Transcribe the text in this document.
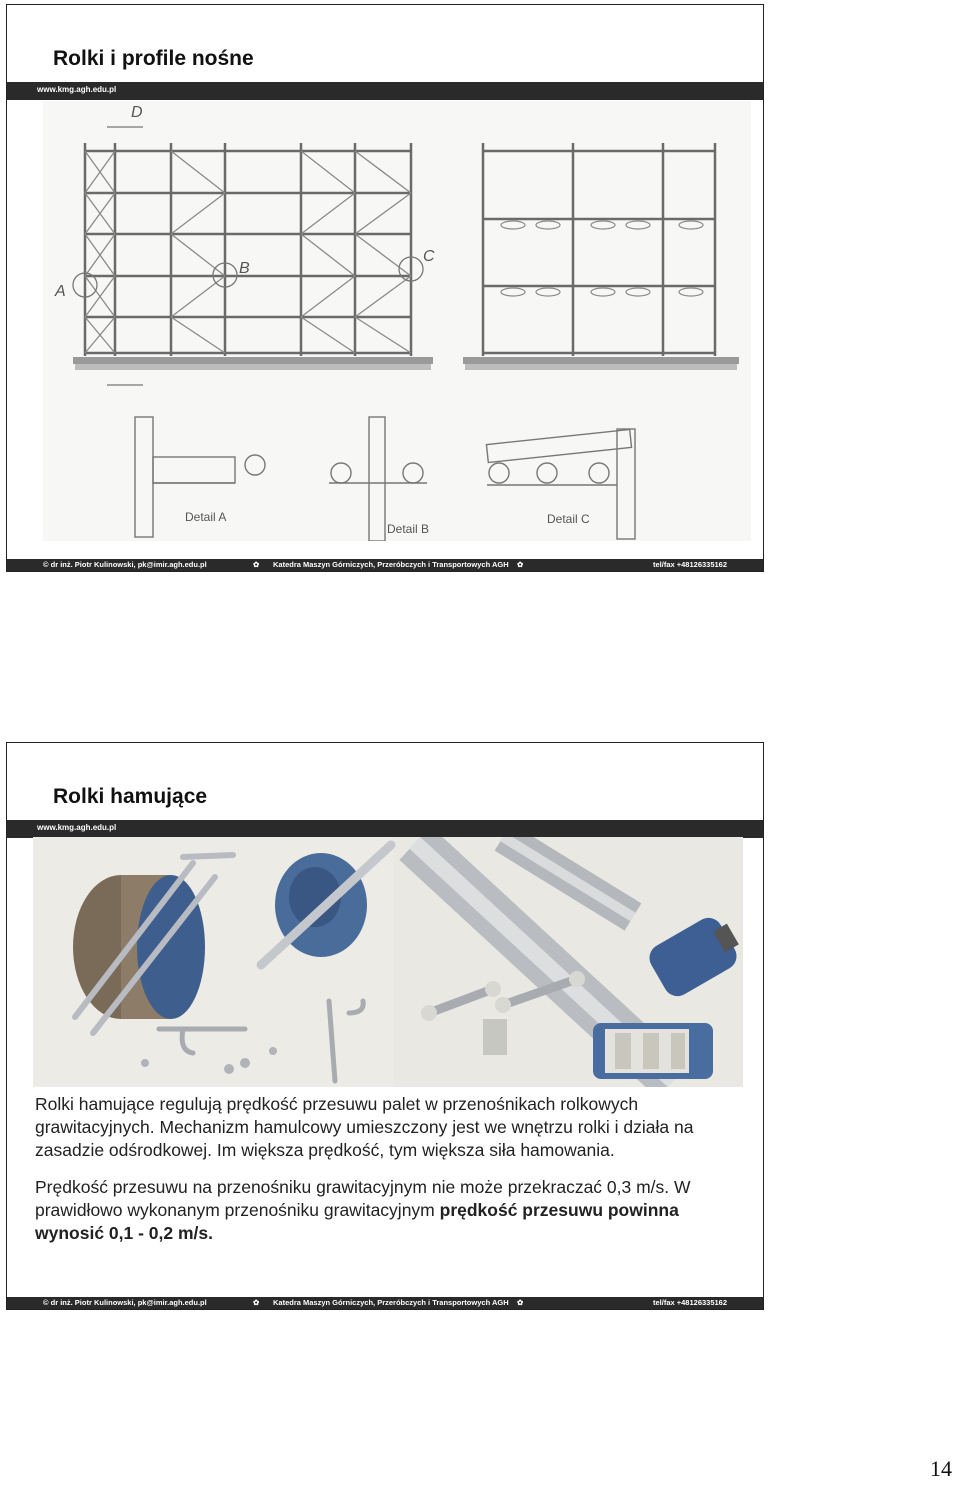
Rolki i profile nośne
www.kmg.agh.edu.pl
D
A
B
C
Detail A
Detail B
Detail C
© dr inż. Piotr Kulinowski, pk@imir.agh.edu.pl	✿ Katedra Maszyn Górniczych, Przeróbczych i Transportowych AGH ✿	tel/fax +48126335162
Rolki hamujące
www.kmg.agh.edu.pl

Rolki hamujące regulują prędkość przesuwu palet w przenośnikach rolkowych grawitacyjnych. Mechanizm hamulcowy umieszczony jest we wnętrzu rolki i działa na zasadzie odśrodkowej. Im większa prędkość, tym większa siła hamowania.

Prędkość przesuwu na przenośniku grawitacyjnym nie może przekraczać 0,3 m/s. W prawidłowo wykonanym przenośniku grawitacyjnym prędkość przesuwu powinna wynosić 0,1 - 0,2 m/s.

© dr inż. Piotr Kulinowski, pk@imir.agh.edu.pl	✿ Katedra Maszyn Górniczych, Przeróbczych i Transportowych AGH ✿	tel/fax +48126335162
14
